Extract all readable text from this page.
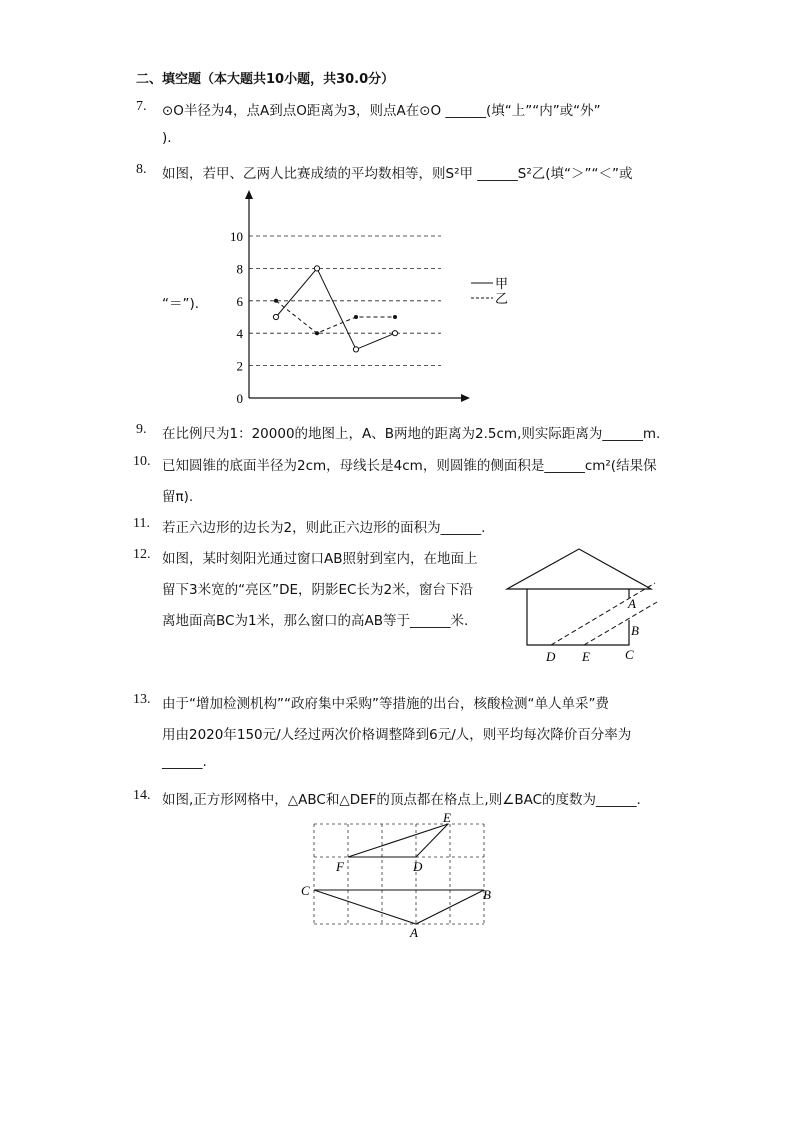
二、填空题（本大题共10小题，共30.0分）
7. ⊙O半径为4，点A到点O距离为3，则点A在⊙O ______(填“上”“内”或“外”
).
8. 如图，若甲、乙两人比赛成绩的平均数相等，则S²甲 ______S²乙(填“＞”“＜”或
“＝”).
0
2
4
6
8
10
甲
乙
9. 在比例尺为1：20000的地图上，A、B两地的距离为2.5cm,则实际距离为______m.
10. 已知圆锥的底面半径为2cm，母线长是4cm，则圆锥的侧面积是______cm²(结果保
留π).
11. 若正六边形的边长为2，则此正六边形的面积为______.
12. 如图，某时刻阳光通过窗口AB照射到室内，在地面上
留下3米宽的“亮区”DE，阴影EC长为2米，窗台下沿
离地面高BC为1米，那么窗口的高AB等于______米.
A
B
C
D E
13. 由于“增加检测机构”“政府集中采购”等措施的出台，核酸检测“单人单采”费
用由2020年150元/人经过两次价格调整降到6元/人，则平均每次降价百分率为
______.
14. 如图,正方形网格中，△ABC和△DEF的顶点都在格点上,则∠BAC的度数为______.
E
F	D
C	B
A
